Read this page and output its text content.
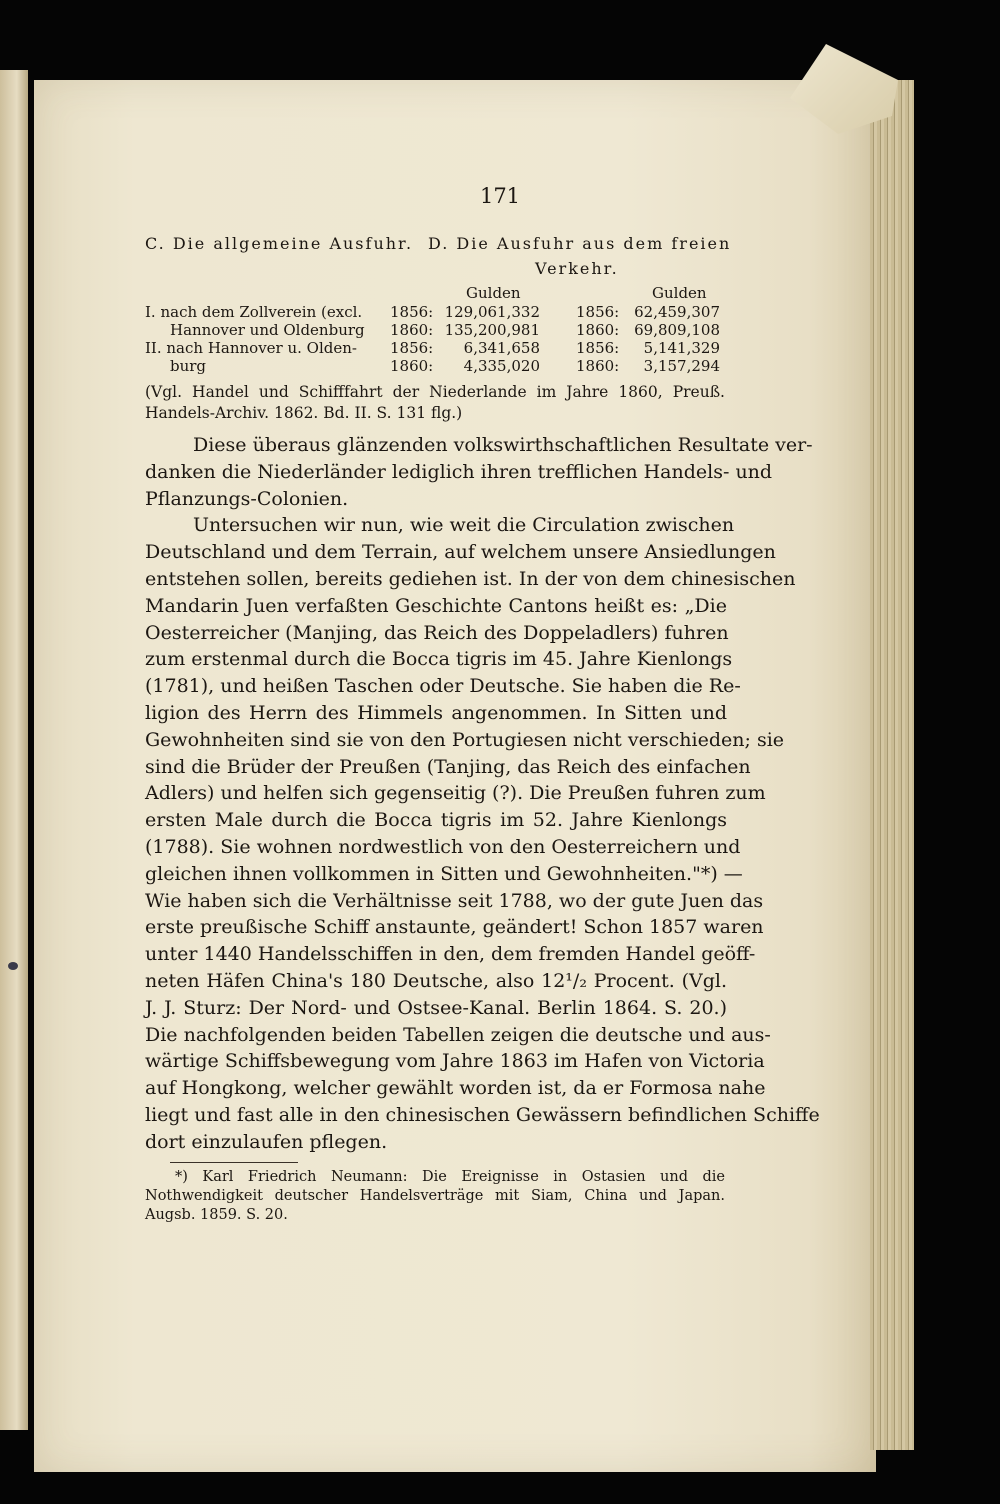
171
C. Die allgemeine Ausfuhr. D. Die Ausfuhr aus dem freien
Verkehr.
Gulden	Gulden
I. nach dem Zollverein (excl. 1856: 129,061,332 1856: 62,459,307
Hannover und Oldenburg 1860: 135,200,981 1860: 69,809,108
II. nach Hannover u. Olden- 1856:	6,341,658 1856:	5,141,329
burg	1860:	4,335,020 1860:	3,157,294
(Vgl. Handel und Schifffahrt der Niederlande im Jahre 1860, Preuß.
Handels-Archiv. 1862. Bd. II. S. 131 flg.)
Diese überaus glänzenden volkswirthschaftlichen Resultate ver-
danken die Niederländer lediglich ihren trefflichen Handels- und
Pflanzungs-Colonien.
Untersuchen wir nun, wie weit die Circulation zwischen
Deutschland und dem Terrain, auf welchem unsere Ansiedlungen
entstehen sollen, bereits gediehen ist. In der von dem chinesischen
Mandarin Juen verfaßten Geschichte Cantons heißt es: „Die
Oesterreicher (Manjing, das Reich des Doppeladlers) fuhren
zum erstenmal durch die Bocca tigris im 45. Jahre Kienlongs
(1781), und heißen Taschen oder Deutsche. Sie haben die Re-
ligion des Herrn des Himmels angenommen. In Sitten und
Gewohnheiten sind sie von den Portugiesen nicht verschieden; sie
sind die Brüder der Preußen (Tanjing, das Reich des einfachen
Adlers) und helfen sich gegenseitig (?). Die Preußen fuhren zum
ersten Male durch die Bocca tigris im 52. Jahre Kienlongs
(1788). Sie wohnen nordwestlich von den Oesterreichern und
gleichen ihnen vollkommen in Sitten und Gewohnheiten."*) —
Wie haben sich die Verhältnisse seit 1788, wo der gute Juen das
erste preußische Schiff anstaunte, geändert! Schon 1857 waren
unter 1440 Handelsschiffen in den, dem fremden Handel geöff-
neten Häfen China's 180 Deutsche, also 12¹/₂ Procent. (Vgl.
J. J. Sturz: Der Nord- und Ostsee-Kanal. Berlin 1864. S. 20.)
Die nachfolgenden beiden Tabellen zeigen die deutsche und aus-
wärtige Schiffsbewegung vom Jahre 1863 im Hafen von Victoria
auf Hongkong, welcher gewählt worden ist, da er Formosa nahe
liegt und fast alle in den chinesischen Gewässern befindlichen Schiffe
dort einzulaufen pflegen.
*) Karl Friedrich Neumann: Die Ereignisse in Ostasien und die
Nothwendigkeit deutscher Handelsverträge mit Siam, China und Japan.
Augsb. 1859. S. 20.
